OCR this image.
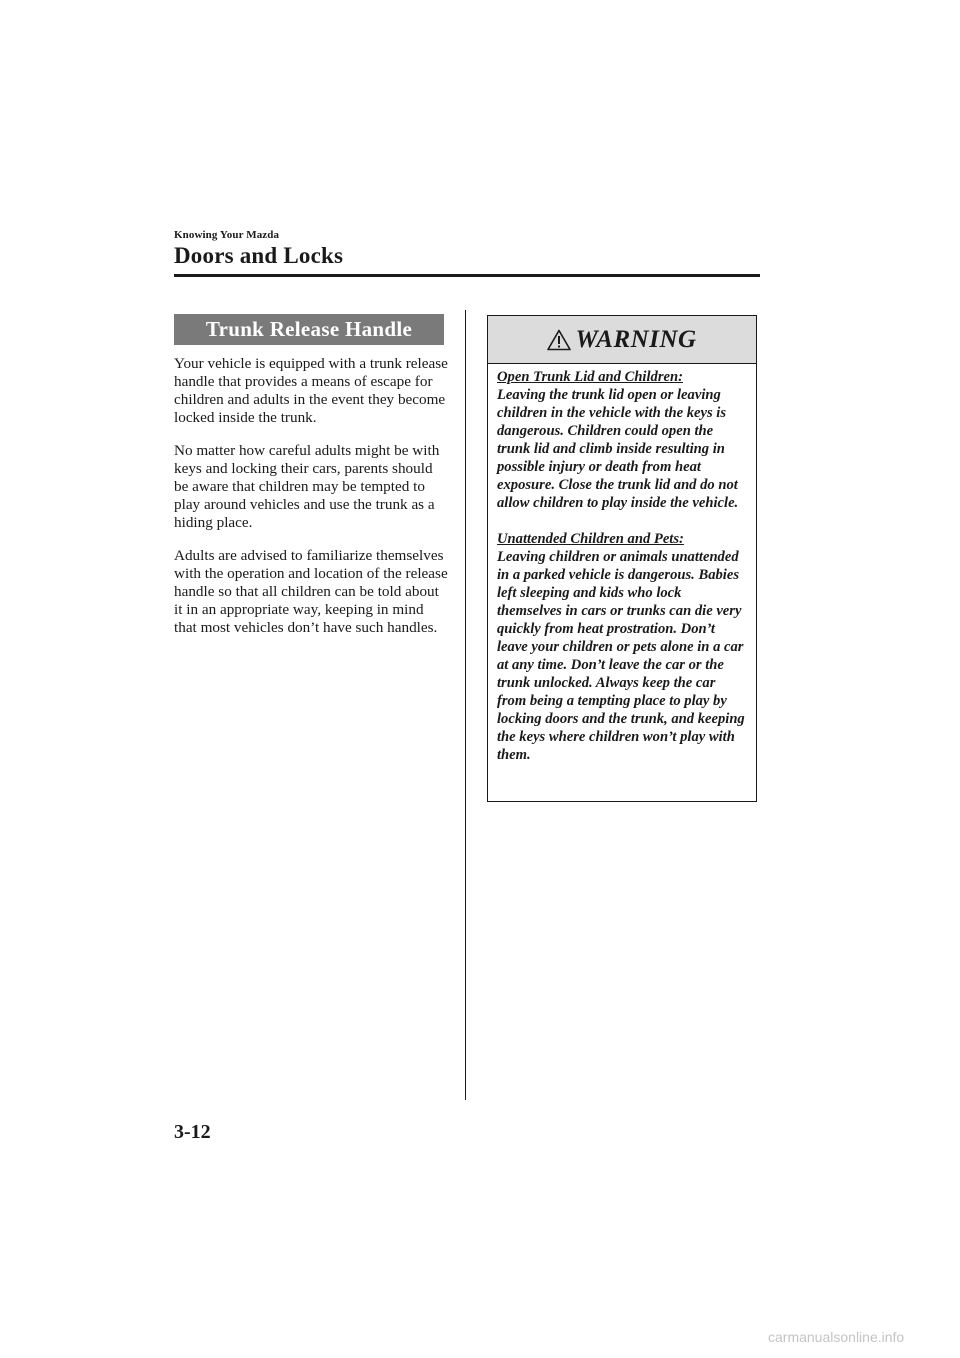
Knowing Your Mazda
Doors and Locks
Trunk Release Handle

Your vehicle is equipped with a trunk release handle that provides a means of escape for children and adults in the event they become locked inside the trunk.

No matter how careful adults might be with keys and locking their cars, parents should be aware that children may be tempted to play around vehicles and use the trunk as a hiding place.

Adults are advised to familiarize themselves with the operation and location of the release handle so that all children can be told about it in an appropriate way, keeping in mind that most vehicles don’t have such handles.

WARNING

Open Trunk Lid and Children:
Leaving the trunk lid open or leaving children in the vehicle with the keys is dangerous. Children could open the trunk lid and climb inside resulting in possible injury or death from heat exposure. Close the trunk lid and do not allow children to play inside the vehicle.

Unattended Children and Pets:
Leaving children or animals unattended in a parked vehicle is dangerous. Babies left sleeping and kids who lock themselves in cars or trunks can die very quickly from heat prostration. Don’t leave your children or pets alone in a car at any time. Don’t leave the car or the trunk unlocked. Always keep the car from being a tempting place to play by locking doors and the trunk, and keeping the keys where children won’t play with them.

3-12
carmanualsonline.info
